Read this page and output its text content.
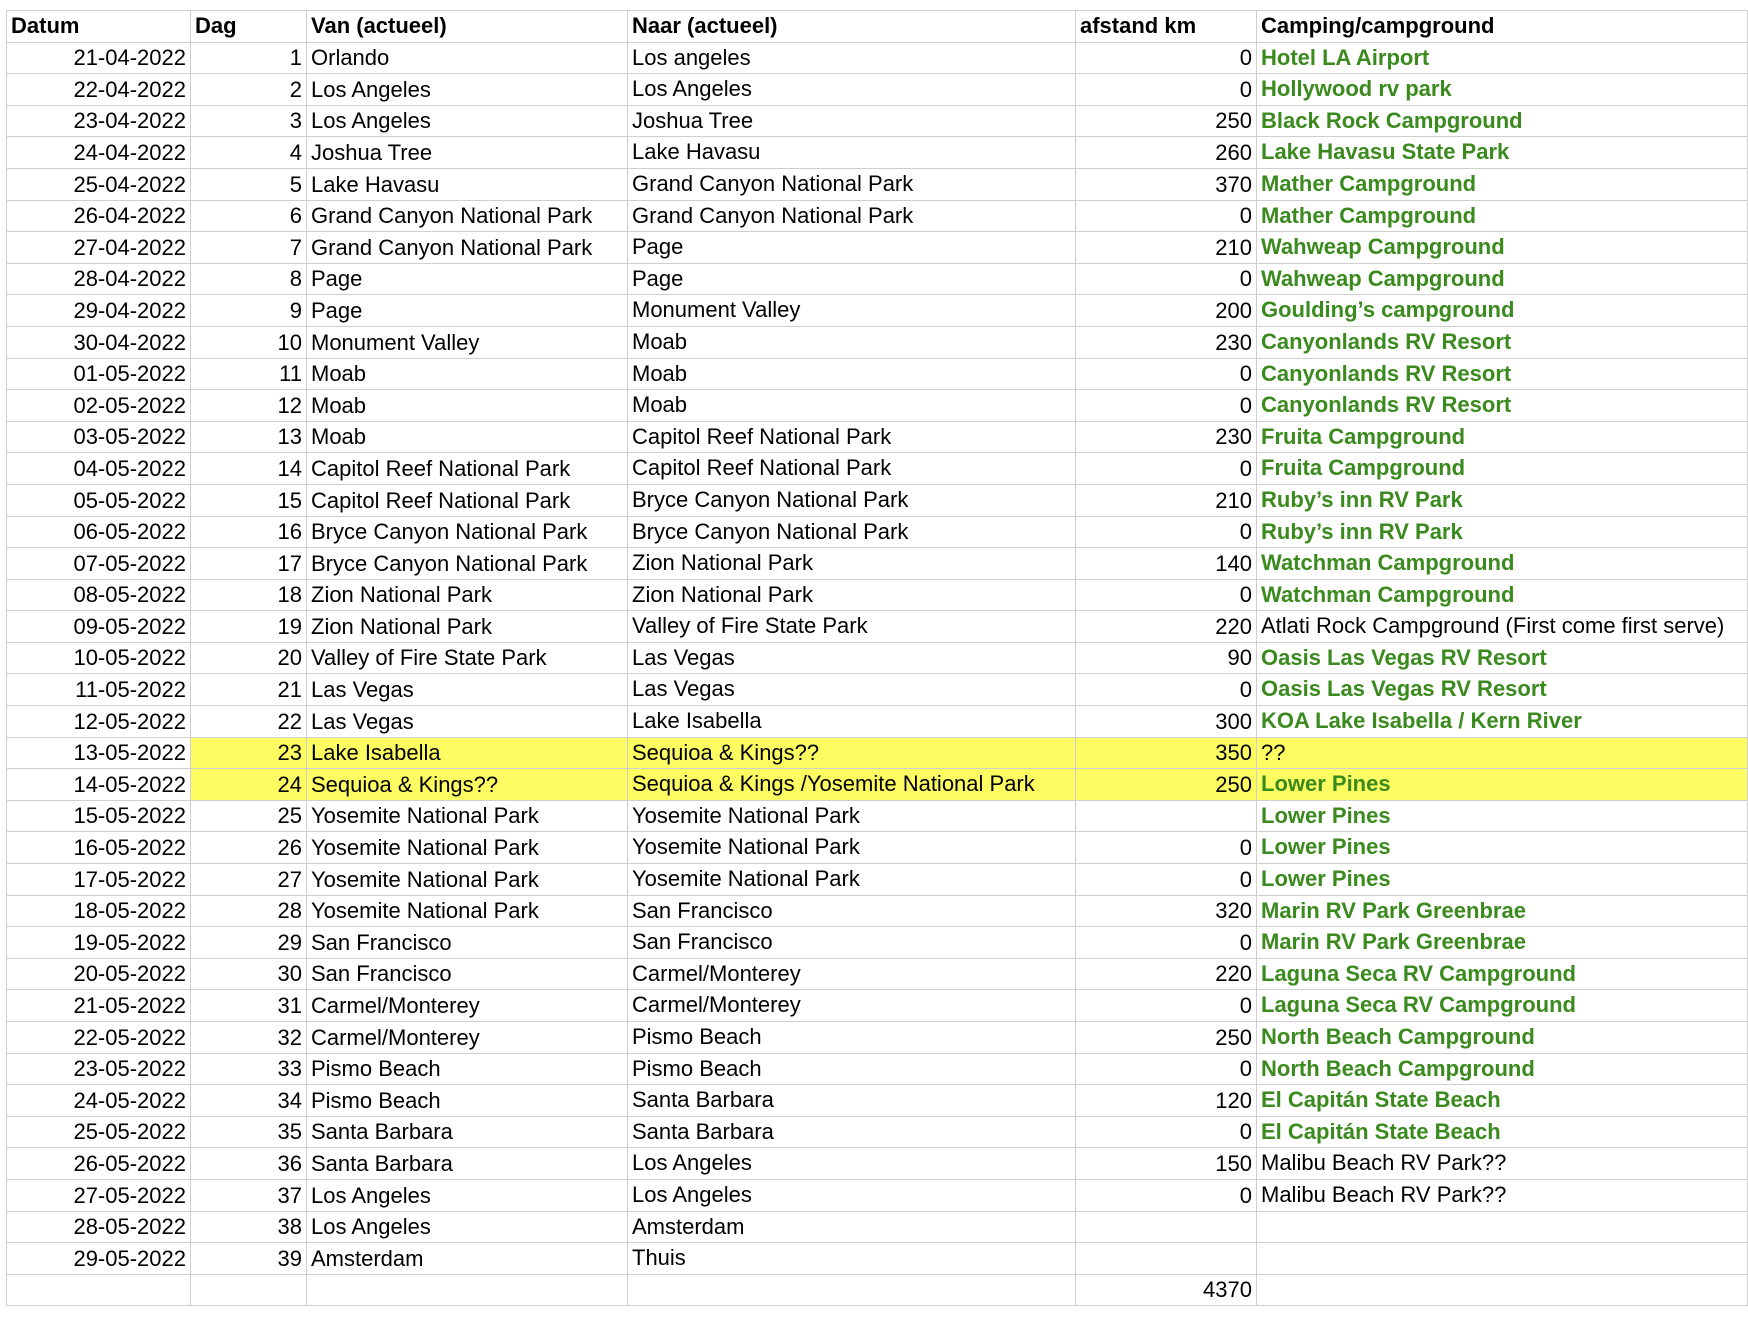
Datum	Dag	Van (actueel)	Naar (actueel)	afstand km	Camping/campground
21-04-2022	1	Orlando	Los angeles	0	Hotel LA Airport
22-04-2022	2	Los Angeles	Los Angeles	0	Hollywood rv park
23-04-2022	3	Los Angeles	Joshua Tree	250	Black Rock Campground
24-04-2022	4	Joshua Tree	Lake Havasu	260	Lake Havasu State Park
25-04-2022	5	Lake Havasu	Grand Canyon National Park	370	Mather Campground
26-04-2022	6	Grand Canyon National Park	Grand Canyon National Park	0	Mather Campground
27-04-2022	7	Grand Canyon National Park	Page	210	Wahweap Campground
28-04-2022	8	Page	Page	0	Wahweap Campground
29-04-2022	9	Page	Monument Valley	200	Goulding’s campground
30-04-2022	10	Monument Valley	Moab	230	Canyonlands RV Resort
01-05-2022	11	Moab	Moab	0	Canyonlands RV Resort
02-05-2022	12	Moab	Moab	0	Canyonlands RV Resort
03-05-2022	13	Moab	Capitol Reef National Park	230	Fruita Campground
04-05-2022	14	Capitol Reef National Park	Capitol Reef National Park	0	Fruita Campground
05-05-2022	15	Capitol Reef National Park	Bryce Canyon National Park	210	Ruby’s inn RV Park
06-05-2022	16	Bryce Canyon National Park	Bryce Canyon National Park	0	Ruby’s inn RV Park
07-05-2022	17	Bryce Canyon National Park	Zion National Park	140	Watchman Campground
08-05-2022	18	Zion National Park	Zion National Park	0	Watchman Campground
09-05-2022	19	Zion National Park	Valley of Fire State Park	220	Atlati Rock Campground (First come first serve)
10-05-2022	20	Valley of Fire State Park	Las Vegas	90	Oasis Las Vegas RV Resort
11-05-2022	21	Las Vegas	Las Vegas	0	Oasis Las Vegas RV Resort
12-05-2022	22	Las Vegas	Lake Isabella	300	KOA Lake Isabella / Kern River
13-05-2022	23	Lake Isabella	Sequioa & Kings??	350	??
14-05-2022	24	Sequioa & Kings??	Sequioa & Kings /Yosemite National Park	250	Lower Pines
15-05-2022	25	Yosemite National Park	Yosemite National Park		Lower Pines
16-05-2022	26	Yosemite National Park	Yosemite National Park	0	Lower Pines
17-05-2022	27	Yosemite National Park	Yosemite National Park	0	Lower Pines
18-05-2022	28	Yosemite National Park	San Francisco	320	Marin RV Park Greenbrae
19-05-2022	29	San Francisco	San Francisco	0	Marin RV Park Greenbrae
20-05-2022	30	San Francisco	Carmel/Monterey	220	Laguna Seca RV Campground
21-05-2022	31	Carmel/Monterey	Carmel/Monterey	0	Laguna Seca RV Campground
22-05-2022	32	Carmel/Monterey	Pismo Beach	250	North Beach Campground
23-05-2022	33	Pismo Beach	Pismo Beach	0	North Beach Campground
24-05-2022	34	Pismo Beach	Santa Barbara	120	El Capitán State Beach
25-05-2022	35	Santa Barbara	Santa Barbara	0	El Capitán State Beach
26-05-2022	36	Santa Barbara	Los Angeles	150	Malibu Beach RV Park??
27-05-2022	37	Los Angeles	Los Angeles	0	Malibu Beach RV Park??
28-05-2022	38	Los Angeles	Amsterdam		
29-05-2022	39	Amsterdam	Thuis		
				4370	
